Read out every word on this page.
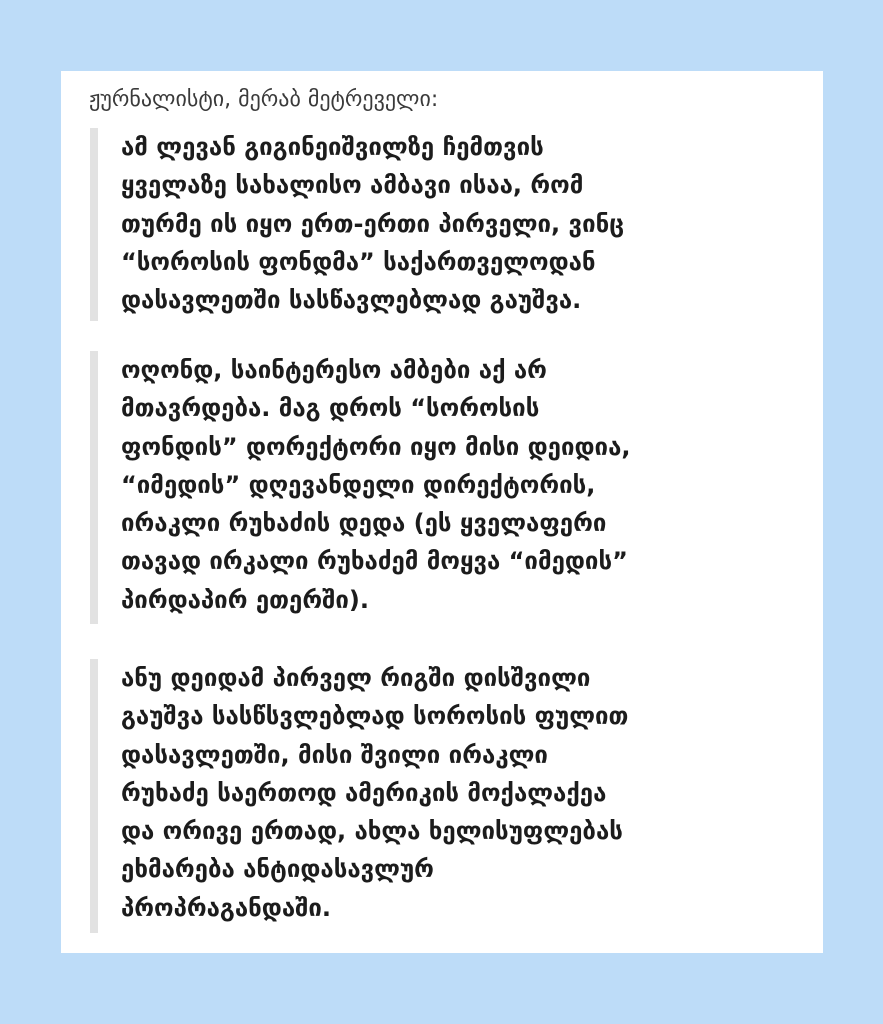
ჟურნალისტი, მერაბ მეტრეველი:

ამ ლევან გიგინეიშვილზე ჩემთვის
ყველაზე სახალისო ამბავი ისაა, რომ
თურმე ის იყო ერთ-ერთი პირველი, ვინც
“სოროსის ფონდმა” საქართველოდან
დასავლეთში სასწავლებლად გაუშვა.

ოღონდ, საინტერესო ამბები აქ არ
მთავრდება. მაგ დროს “სოროსის
ფონდის” დორექტორი იყო მისი დეიდია,
“იმედის” დღევანდელი დირექტორის,
ირაკლი რუხაძის დედა (ეს ყველაფერი
თავად ირკალი რუხაძემ მოყვა “იმედის”
პირდაპირ ეთერში).

ანუ დეიდამ პირველ რიგში დისშვილი
გაუშვა სასწსვლებლად სოროსის ფულით
დასავლეთში, მისი შვილი ირაკლი
რუხაძე საერთოდ ამერიკის მოქალაქეა
და ორივე ერთად, ახლა ხელისუფლებას
ეხმარება ანტიდასავლურ
პროპრაგანდაში.
